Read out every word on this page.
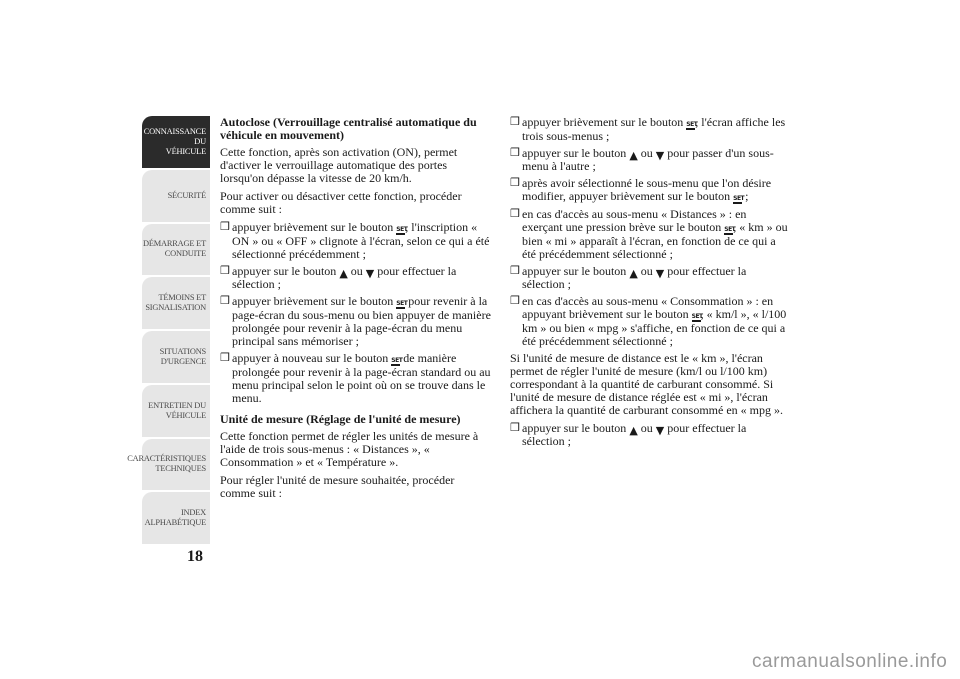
CONNAISSANCE DU
VÉHICULE
SÉCURITÉ
DÉMARRAGE ET
CONDUITE
TÉMOINS ET
SIGNALISATION
SITUATIONS
D'URGENCE
ENTRETIEN DU
VÉHICULE
CARACTÉRISTIQUES
TECHNIQUES
INDEX
ALPHABÉTIQUE
18

Autoclose (Verrouillage centralisé automatique du véhicule en mouvement)

Cette fonction, après son activation (ON), permet d'activer le verrouillage automatique des portes lorsqu'on dépasse la vitesse de 20 km/h.

Pour activer ou désactiver cette fonction, procéder comme suit :

❒ appuyer brièvement sur le bouton SET, l'inscription « ON » ou « OFF » clignote à l'écran, selon ce qui a été sélectionné précédemment ;
❒ appuyer sur le bouton ▲ ou ▼ pour effectuer la sélection ;
❒ appuyer brièvement sur le bouton SET pour revenir à la page-écran du sous-menu ou bien appuyer de manière prolongée pour revenir à la page-écran du menu principal sans mémoriser ;
❒ appuyer à nouveau sur le bouton SET de manière prolongée pour revenir à la page-écran standard ou au menu principal selon le point où on se trouve dans le menu.

Unité de mesure (Réglage de l'unité de mesure)

Cette fonction permet de régler les unités de mesure à l'aide de trois sous-menus : « Distances », « Consommation » et « Température ».

Pour régler l'unité de mesure souhaitée, procéder comme suit :

❒ appuyer brièvement sur le bouton SET, l'écran affiche les trois sous-menus ;
❒ appuyer sur le bouton ▲ ou ▼ pour passer d'un sous-menu à l'autre ;
❒ après avoir sélectionné le sous-menu que l'on désire modifier, appuyer brièvement sur le bouton SET ;
❒ en cas d'accès au sous-menu « Distances » : en exerçant une pression brève sur le bouton SET, « km » ou bien « mi » apparaît à l'écran, en fonction de ce qui a été précédemment sélectionné ;
❒ appuyer sur le bouton ▲ ou ▼ pour effectuer la sélection ;
❒ en cas d'accès au sous-menu « Consommation » : en appuyant brièvement sur le bouton SET, « km/l », « l/100 km » ou bien « mpg » s'affiche, en fonction de ce qui a été précédemment sélectionné ;

Si l'unité de mesure de distance est le « km », l'écran permet de régler l'unité de mesure (km/l ou l/100 km) correspondant à la quantité de carburant consommé. Si l'unité de mesure de distance réglée est « mi », l'écran affichera la quantité de carburant consommé en « mpg ».

❒ appuyer sur le bouton ▲ ou ▼ pour effectuer la sélection ;
carmanualsonline.info
